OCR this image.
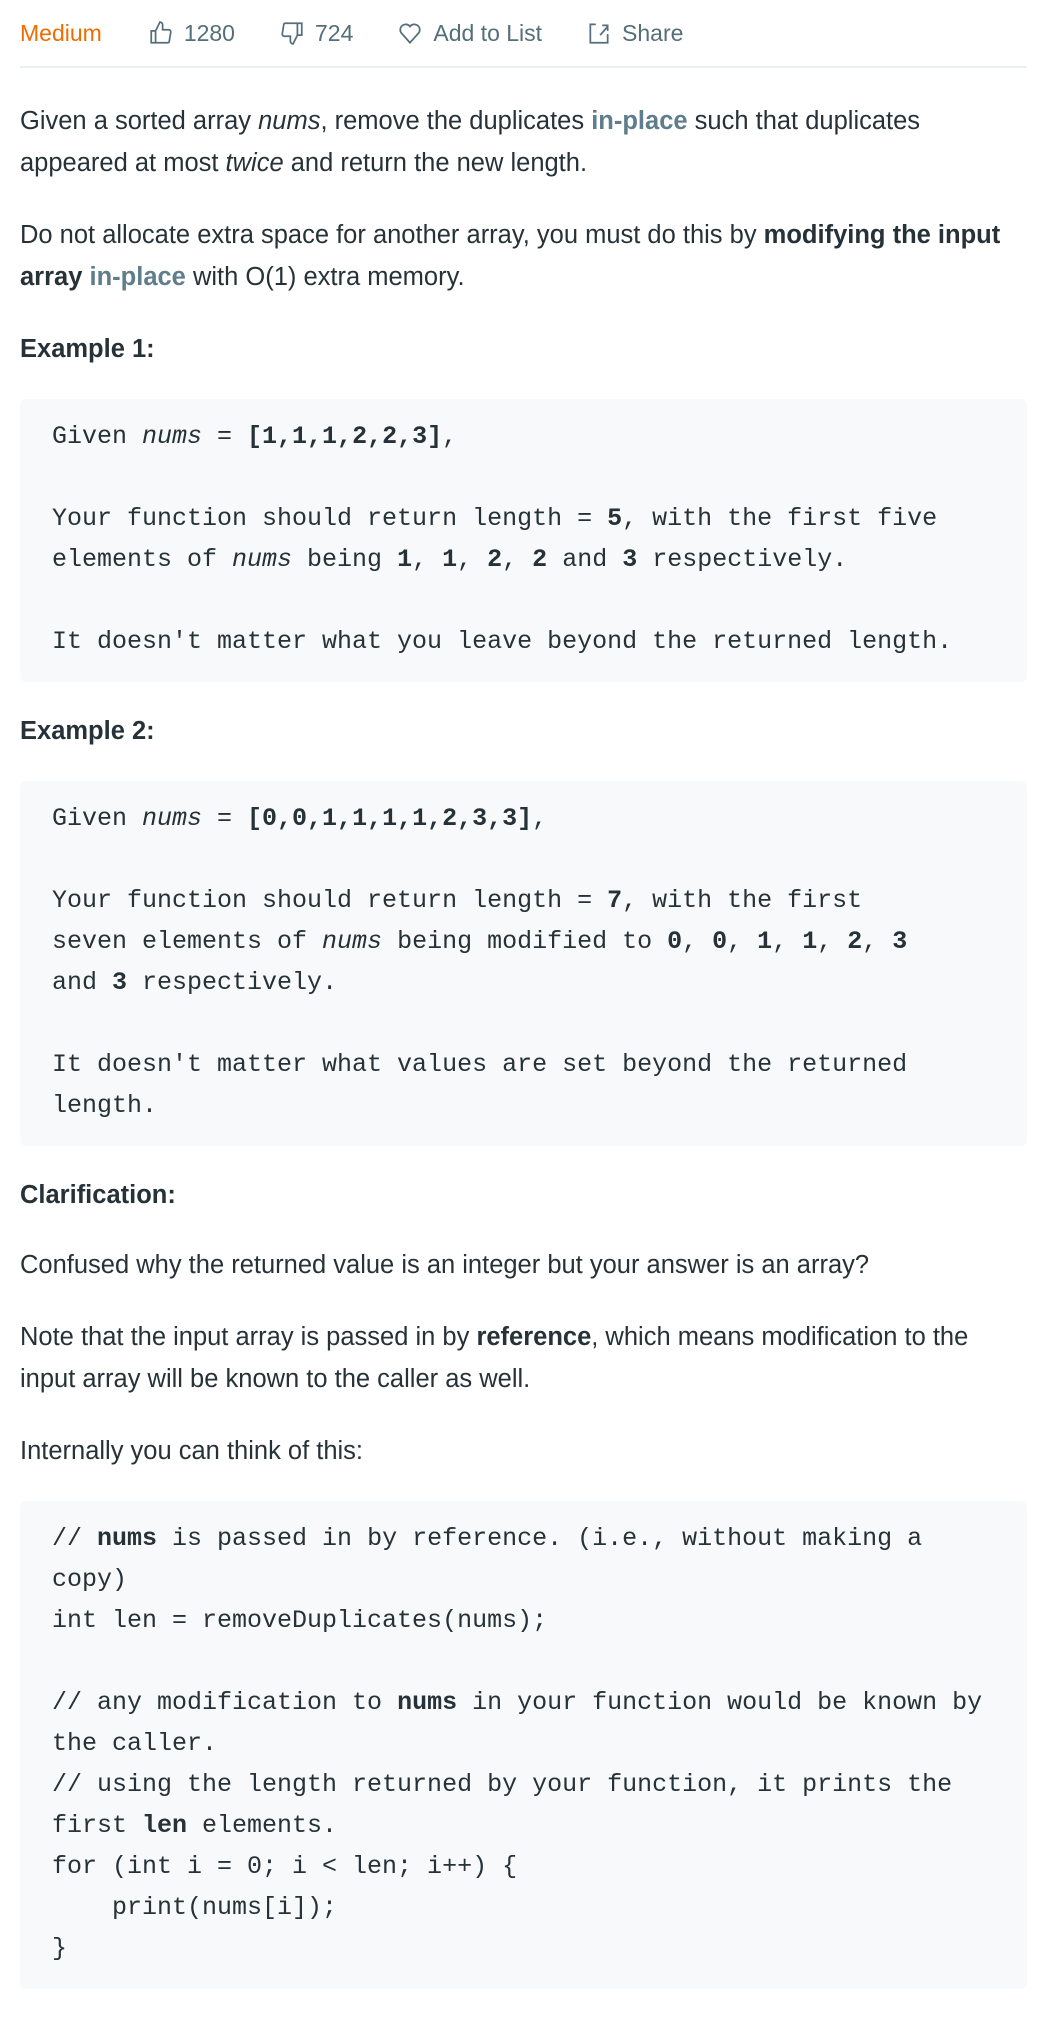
Medium	1280	724	Add to List	Share

Given a sorted array nums, remove the duplicates in-place such that duplicates appeared at most twice and return the new length.

Do not allocate extra space for another array, you must do this by modifying the input array in-place with O(1) extra memory.

Example 1:
Given nums = [1,1,1,2,2,3],

Your function should return length = 5, with the first five elements of nums being 1, 1, 2, 2 and 3 respectively.

It doesn't matter what you leave beyond the returned length.
Example 2:
Given nums = [0,0,1,1,1,1,2,3,3],

Your function should return length = 7, with the first
seven elements of nums being modified to 0, 0, 1, 1, 2, 3
and 3 respectively.

It doesn't matter what values are set beyond the returned length.
Clarification:

Confused why the returned value is an integer but your answer is an array?

Note that the input array is passed in by reference, which means modification to the input array will be known to the caller as well.

Internally you can think of this:

// nums is passed in by reference. (i.e., without making a copy)
int len = removeDuplicates(nums);

// any modification to nums in your function would be known by the caller.
// using the length returned by your function, it prints the first len elements.
for (int i = 0; i < len; i++) {
print(nums[i]);
}
